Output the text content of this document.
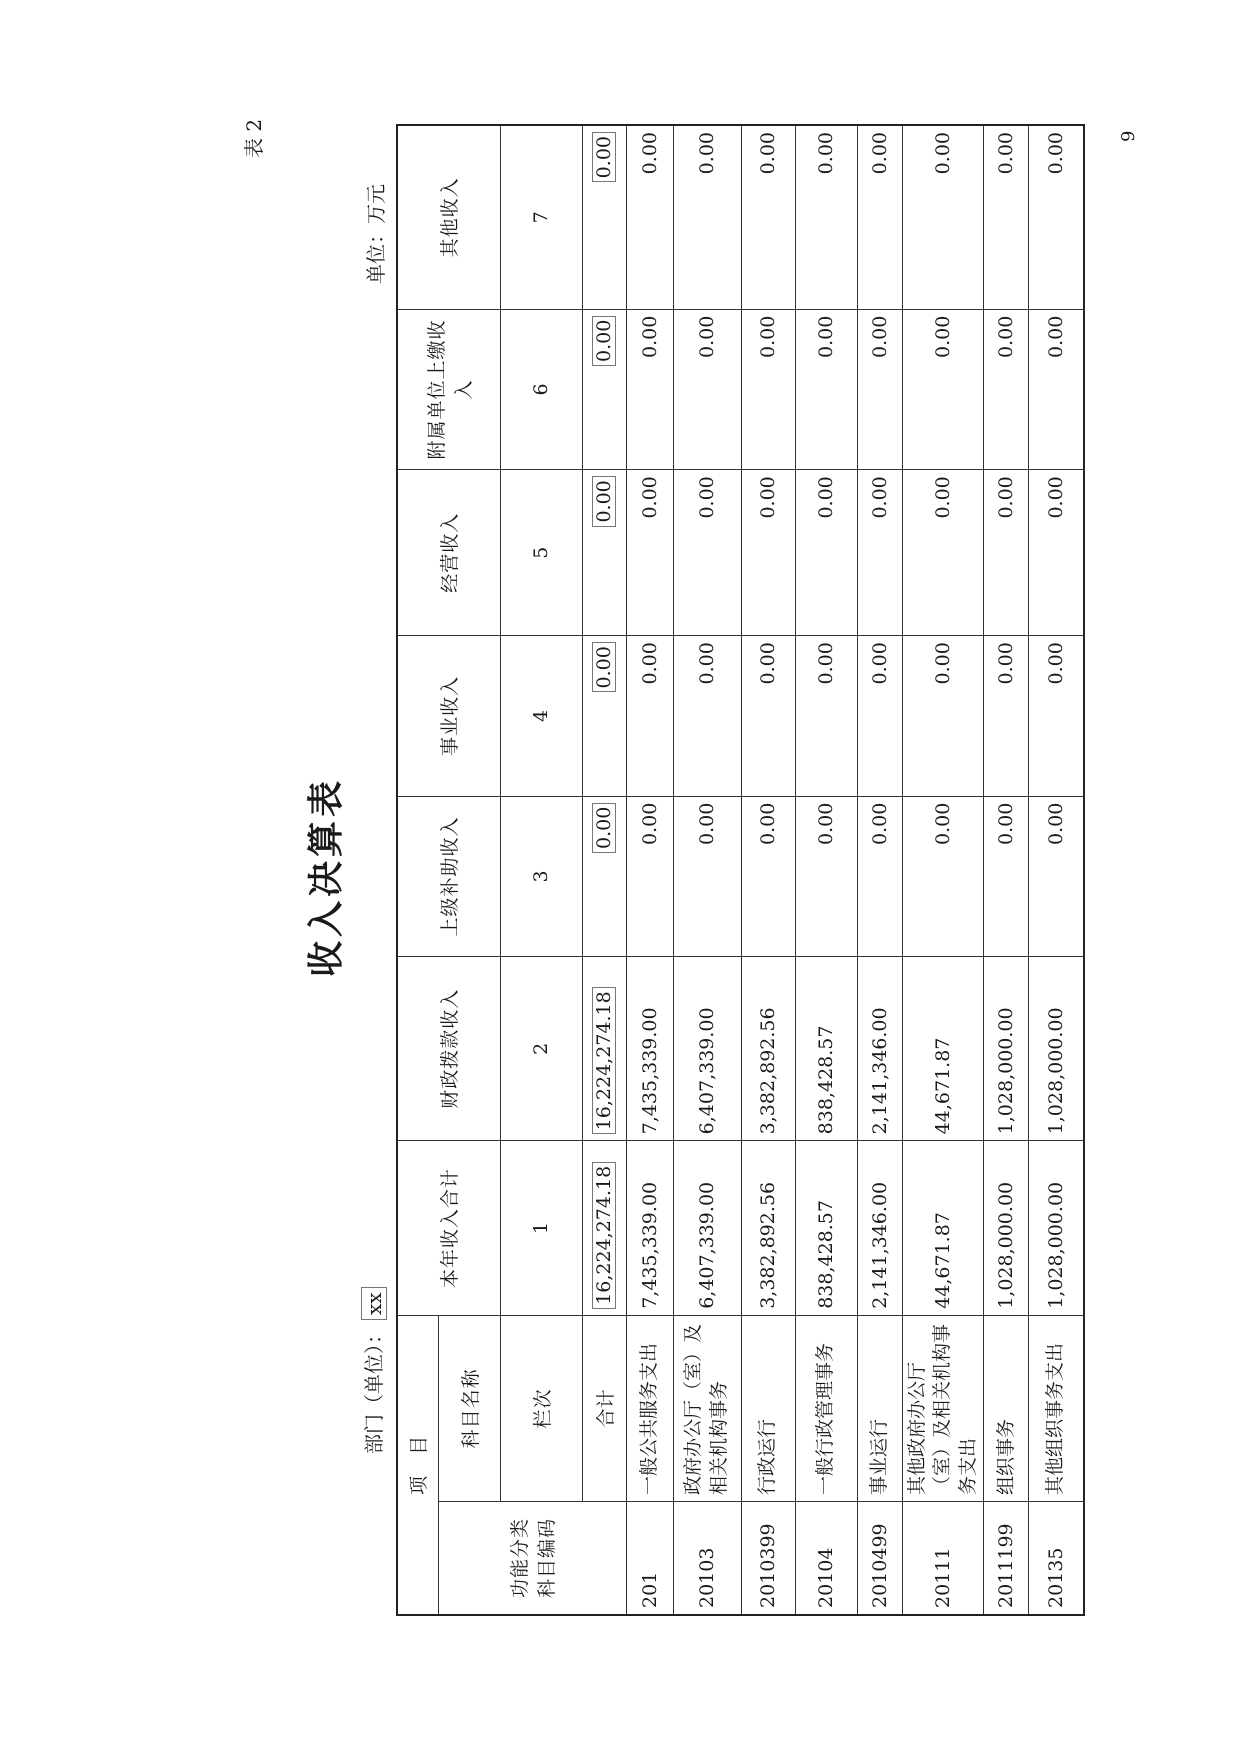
表 2
收入决算表
部门（单位）：xx
单位：万元
项　目		本年收入合计	财政拨款收入	上级补助收入	事业收入	经营收入	附属单位上缴收入	其他收入
功能分类科目编码	科目名称							
	栏次	1	2	3	4	5	6	7
	合计	16,224,274.18	16,224,274.18	0.00	0.00	0.00	0.00	0.00
201	一般公共服务支出	7,435,339.00	7,435,339.00	0.00	0.00	0.00	0.00	0.00
20103	政府办公厅（室）及相关机构事务	6,407,339.00	6,407,339.00	0.00	0.00	0.00	0.00	0.00
2010399	行政运行	3,382,892.56	3,382,892.56	0.00	0.00	0.00	0.00	0.00
20104	一般行政管理事务	838,428.57	838,428.57	0.00	0.00	0.00	0.00	0.00
2010499	事业运行	2,141,346.00	2,141,346.00	0.00	0.00	0.00	0.00	0.00
20111	其他政府办公厅（室）及相关机构事务支出	44,671.87	44,671.87	0.00	0.00	0.00	0.00	0.00
2011199	组织事务	1,028,000.00	1,028,000.00	0.00	0.00	0.00	0.00	0.00
20135	其他组织事务支出	1,028,000.00	1,028,000.00	0.00	0.00	0.00	0.00	0.00	9
